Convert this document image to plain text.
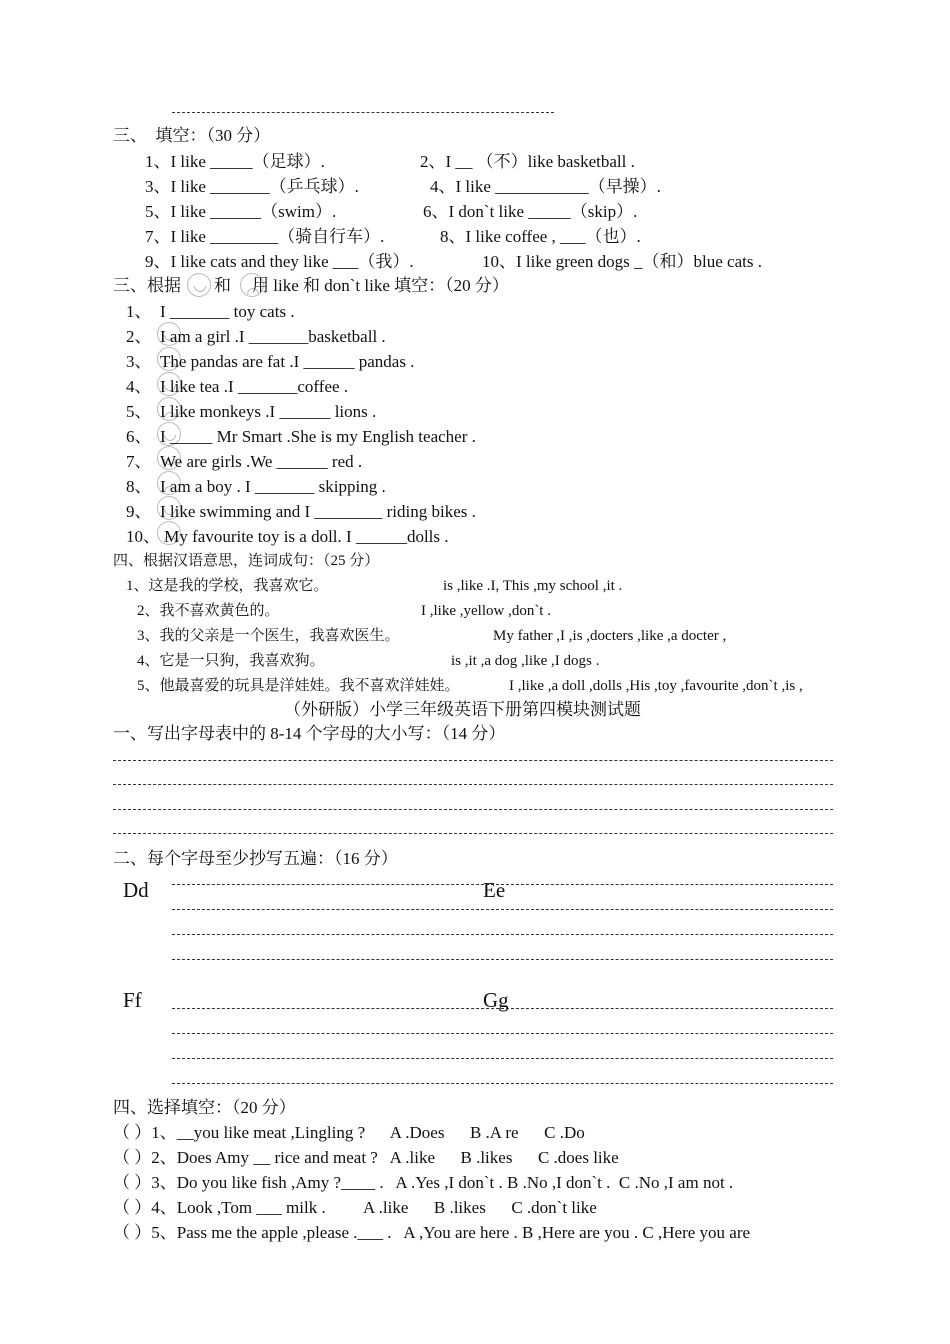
三、  填空：（30 分）
1、I like _____（足球）.	2、I __ （不）like basketball .
3、I like _______（乒乓球）.	4、I like ___________（早操）.
5、I like ______（swim）.	6、I don`t like _____（skip）.
7、I like ________（骑自行车）.	8、I like coffee , ___（也）.
9、I like cats and they like ___（我）.	10、I like green dogs _（和）blue cats .
三、根据 和 用 like 和 don`t like 填空：（20 分）
1、  I _______ toy cats .
2、  I am a girl .I _______basketball .
3、  The pandas are fat .I ______ pandas .
4、  I like tea .I _______coffee .
5、  I like monkeys .I ______ lions .
6、  I _____ Mr Smart .She is my English teacher .
7、  We are girls .We ______ red .
8、  I am a boy . I _______ skipping .
9、  I like swimming and I ________ riding bikes .
10、 My favourite toy is a doll. I ______dolls .
四、根据汉语意思，连词成句：（25 分）
1、这是我的学校，我喜欢它。	is ,like .I, This ,my school ,it .
2、我不喜欢黄色的。	I ,like ,yellow ,don`t .
3、我的父亲是一个医生，我喜欢医生。	My father ,I ,is ,docters ,like ,a docter ,
4、它是一只狗，我喜欢狗。	is ,it ,a dog ,like ,I dogs .
5、他最喜爱的玩具是洋娃娃。我不喜欢洋娃娃。	I ,like ,a doll ,dolls ,His ,toy ,favourite ,don`t ,is ,
（外研版）小学三年级英语下册第四模块测试题
一、写出字母表中的 8-14 个字母的大小写：（14 分）
二、每个字母至少抄写五遍：（16 分）
Dd	Ee
Ff	Gg
四、选择填空：（20 分）
（ ）1、__you like meat ,Lingling ?      A .Does      B .A re      C .Do
（ ）2、Does Amy __ rice and meat ?   A .like      B .likes      C .does like
（ ）3、Do you like fish ,Amy ?____ .   A .Yes ,I don`t . B .No ,I don`t .  C .No ,I am not .
（ ）4、Look ,Tom ___ milk .         A .like      B .likes      C .don`t like
（ ）5、Pass me the apple ,please .___ .   A ,You are here . B ,Here are you . C ,Here you are
